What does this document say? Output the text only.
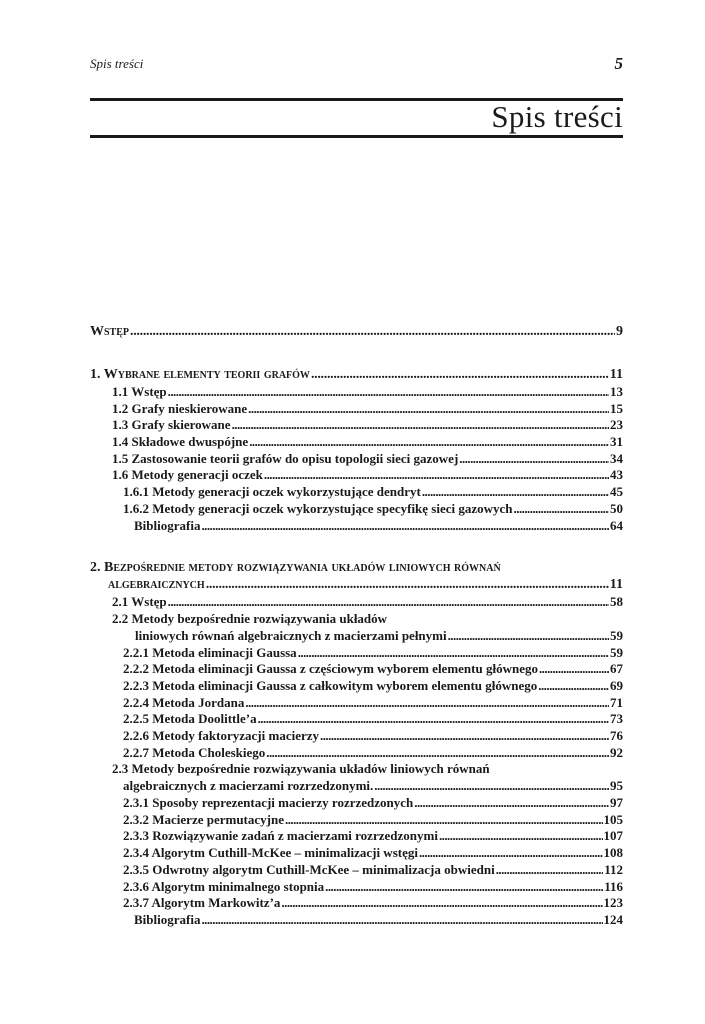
Spis treści	5
Spis treści
Wstęp . . .	9
1. Wybrane elementy teorii grafów . . .	11
1.1 Wstęp . . .	13
1.2 Grafy nieskierowane . . .	15
1.3 Grafy skierowane . . .	23
1.4 Składowe dwuspójne . . .	31
1.5 Zastosowanie teorii grafów do opisu topologii sieci gazowej . . .	34
1.6 Metody generacji oczek . . .	43
1.6.1 Metody generacji oczek wykorzystujące dendryt . . .	45
1.6.2 Metody generacji oczek wykorzystujące specyfikę sieci gazowych . . .	50
Bibliografia . . .	64
2. Bezpośrednie metody rozwiązywania układów liniowych równań
algebraicznych . . .	11
2.1 Wstęp . . .	58
2.2 Metody bezpośrednie rozwiązywania układów
liniowych równań algebraicznych z macierzami pełnymi . . .	59
2.2.1 Metoda eliminacji Gaussa . . .	59
2.2.2 Metoda eliminacji Gaussa z częściowym wyborem elementu głównego . . .	67
2.2.3 Metoda eliminacji Gaussa z całkowitym wyborem elementu głównego . . .	69
2.2.4 Metoda Jordana . . .	71
2.2.5 Metoda Doolittle’a . . .	73
2.2.6 Metody faktoryzacji macierzy . . .	76
2.2.7 Metoda Choleskiego . . .	92
2.3 Metody bezpośrednie rozwiązywania układów liniowych równań
algebraicznych z macierzami rozrzedzonymi. . . .	95
2.3.1 Sposoby reprezentacji macierzy rozrzedzonych . . .	97
2.3.2 Macierze permutacyjne . . .	105
2.3.3 Rozwiązywanie zadań z macierzami rozrzedzonymi . . .	107
2.3.4 Algorytm Cuthill-McKee – minimalizacji wstęgi . . .	108
2.3.5 Odwrotny algorytm Cuthill-McKee – minimalizacja obwiedni . . .	112
2.3.6 Algorytm minimalnego stopnia . . .	116
2.3.7 Algorytm Markowitz’a . . .	123
Bibliografia . . .	124
